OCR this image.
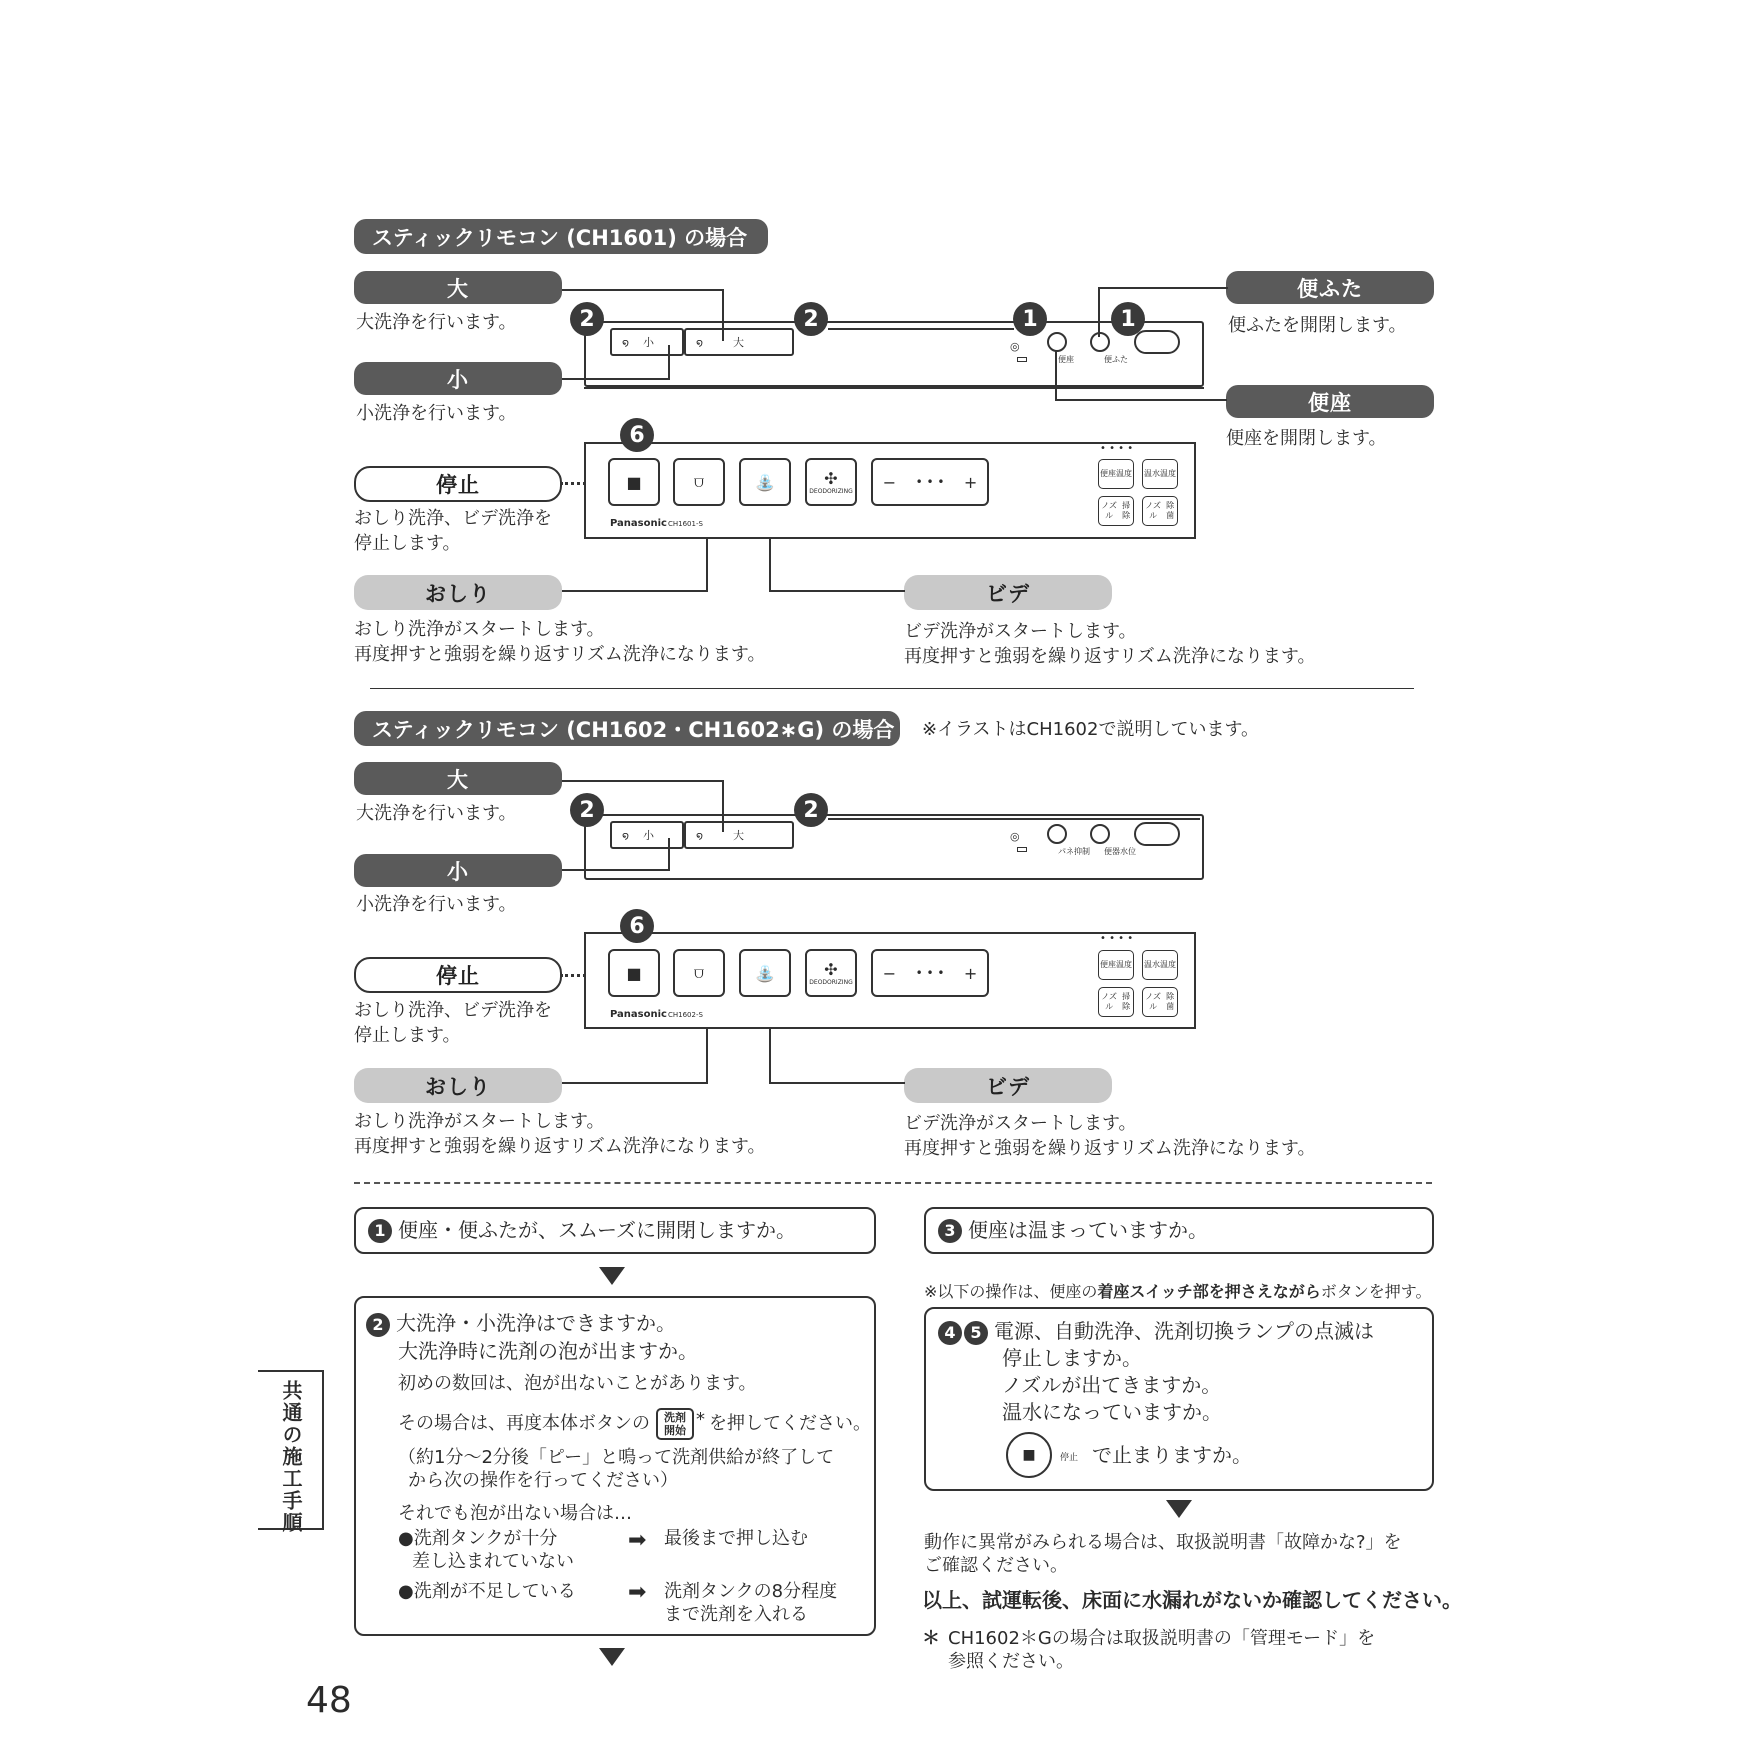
スティックリモコン (CH1601) の場合
大
大洗浄を行います。
小
小洗浄を行います。
停止
おしり洗浄、ビデ洗浄を
停止します。
おしり
おしり洗浄がスタートします。
再度押すと強弱を繰り返すリズム洗浄になります。
ビデ
ビデ洗浄がスタートします。
再度押すと強弱を繰り返すリズム洗浄になります。
便ふた
便ふたを開閉します。
便座
便座を開閉します。
໑ 小	໑	大	◎
便座	便ふた
2	2	1	1
6
■	⩌	⛲	✣
DEODORIZING − • • • +
Panasonic CH1601-S
• • • •
便座 温度 温水 温度
ノズル

掃除
ノズル

除菌
スティックリモコン (CH1602・CH1602∗G) の場合	※イラストはCH1602で説明しています。
大
大洗浄を行います。
小
小洗浄を行います。
停止
おしり洗浄、ビデ洗浄を
停止します。
おしり
おしり洗浄がスタートします。
再度押すと強弱を繰り返すリズム洗浄になります。
ビデ
ビデ洗浄がスタートします。
再度押すと強弱を繰り返すリズム洗浄になります。
໑ 小	໑	大	◎
パネ抑制 便器水位
2	2
6
■	⩌	⛲	✣
DEODORIZING − • • • +
Panasonic CH1602-S
• • • •
便座 温度 温水 温度
ノズル

掃除
ノズル

除菌
1 便座・便ふたが、スムーズに開閉しますか。
2 大洗浄・小洗浄はできますか。
大洗浄時に洗剤の泡が出ますか。
初めの数回は、泡が出ないことがあります。
その場合は、再度本体ボタンの 洗剤
開始
* を押してください。
（約1分〜2分後「ピー」と鳴って洗剤供給が終了して
から次の操作を行ってください）
それでも泡が出ない場合は…
●洗剤タンクが十分
差し込まれていない
➡ 最後まで押し込む
●洗剤が不足している ➡ 洗剤タンクの8分程度
まで洗剤を入れる
3 便座は温まっていますか。
※以下の操作は、便座の着座スイッチ部を押さえながらボタンを押す。
4 5 電源、自動洗浄、洗剤切換ランプの点滅は
停止しますか。
ノズルが出てきますか。
温水になっていますか。
■	停止 で止まりますか。
動作に異常がみられる場合は、取扱説明書「故障かな?」を
ご確認ください。
以上、試運転後、床面に水漏れがないか確認してください。
＊ CH1602＊Gの場合は取扱説明書の「管理モード」を
参照ください。
共通の施工手順
48
